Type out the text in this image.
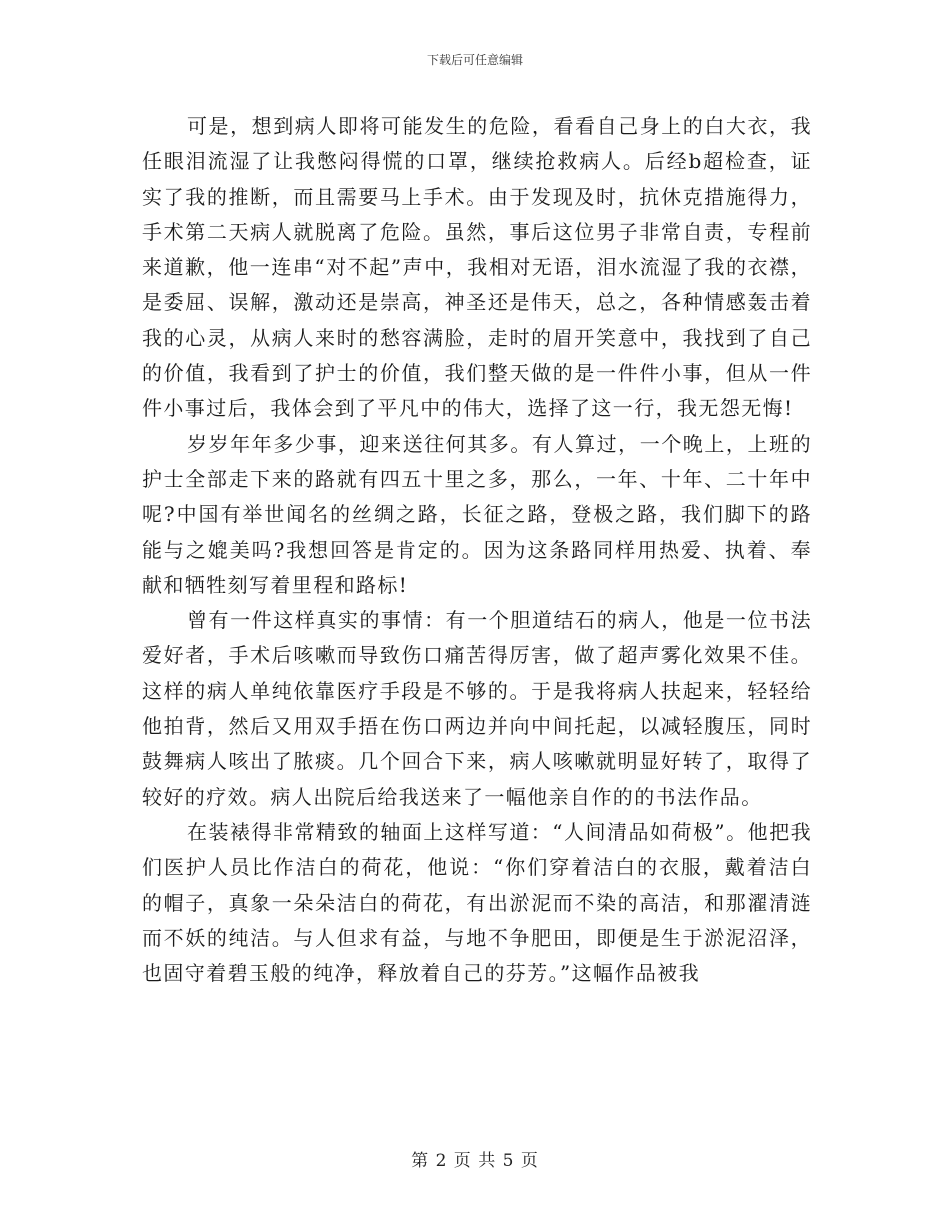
下载后可任意编辑

可是，想到病人即将可能发生的危险，看看自己身上的白大衣，我任眼泪流湿了让我憋闷得慌的口罩，继续抢救病人。后经b超检查，证实了我的推断，而且需要马上手术。由于发现及时，抗休克措施得力，手术第二天病人就脱离了危险。虽然，事后这位男子非常自责，专程前来道歉，他一连串“对不起”声中，我相对无语，泪水流湿了我的衣襟，是委屈、误解，激动还是崇高，神圣还是伟天，总之，各种情感轰击着我的心灵，从病人来时的愁容满脸，走时的眉开笑意中，我找到了自己的价值，我看到了护士的价值，我们整天做的是一件件小事，但从一件件小事过后，我体会到了平凡中的伟大，选择了这一行，我无怨无悔!

岁岁年年多少事，迎来送往何其多。有人算过，一个晚上，上班的护士全部走下来的路就有四五十里之多，那么，一年、十年、二十年中呢?中国有举世闻名的丝绸之路，长征之路，登极之路，我们脚下的路能与之媲美吗?我想回答是肯定的。因为这条路同样用热爱、执着、奉献和牺牲刻写着里程和路标!

曾有一件这样真实的事情：有一个胆道结石的病人，他是一位书法爱好者，手术后咳嗽而导致伤口痛苦得厉害，做了超声雾化效果不佳。这样的病人单纯依靠医疗手段是不够的。于是我将病人扶起来，轻轻给他拍背，然后又用双手捂在伤口两边并向中间托起，以减轻腹压，同时鼓舞病人咳出了脓痰。几个回合下来，病人咳嗽就明显好转了，取得了较好的疗效。病人出院后给我送来了一幅他亲自作的的书法作品。

在装裱得非常精致的轴面上这样写道：“人间清品如荷极”。他把我们医护人员比作洁白的荷花，他说：“你们穿着洁白的衣服，戴着洁白的帽子，真象一朵朵洁白的荷花，有出淤泥而不染的高洁，和那濯清涟而不妖的纯洁。与人但求有益，与地不争肥田，即便是生于淤泥沼泽，也固守着碧玉般的纯净，释放着自己的芬芳。”这幅作品被我

第 2 页 共 5 页
